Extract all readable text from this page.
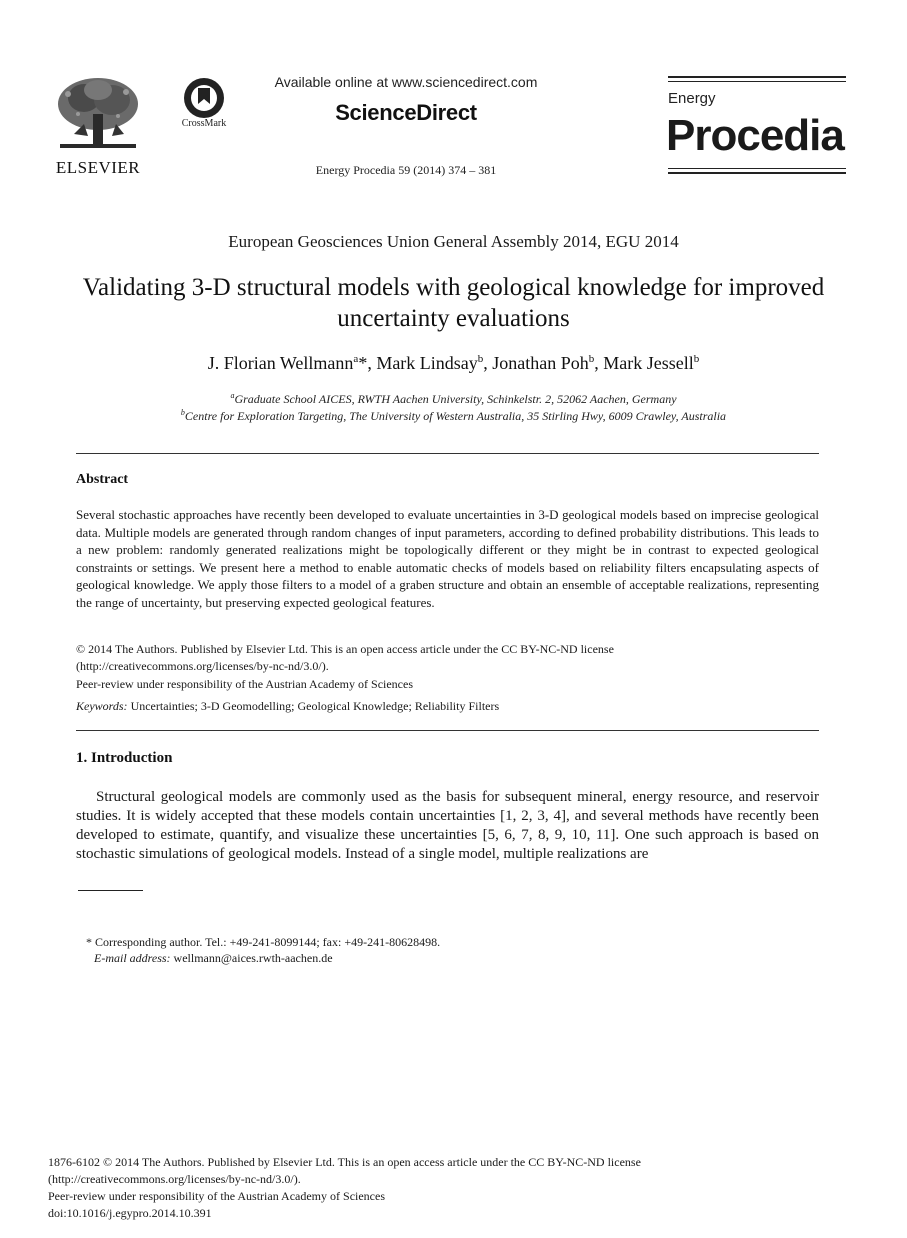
ELSEVIER
CrossMark
Available online at www.sciencedirect.com
ScienceDirect
Energy Procedia 59 (2014) 374 – 381
Energy
Procedia
European Geosciences Union General Assembly 2014, EGU 2014
Validating 3-D structural models with geological knowledge for improved uncertainty evaluations
J. Florian Wellmann$^a$*, Mark Lindsay$^b$, Jonathan Poh$^b$, Mark Jessell$^b$
$^a$Graduate School AICES, RWTH Aachen University, Schinkelstr. 2, 52062 Aachen, Germany
$^b$Centre for Exploration Targeting, The University of Western Australia, 35 Stirling Hwy, 6009 Crawley, Australia
Abstract
Several stochastic approaches have recently been developed to evaluate uncertainties in 3-D geological models based on imprecise geological data. Multiple models are generated through random changes of input parameters, according to defined probability distributions. This leads to a new problem: randomly generated realizations might be topologically different or they might be in contrast to expected geological constraints or settings. We present here a method to enable automatic checks of models based on reliability filters encapsulating aspects of geological knowledge. We apply those filters to a model of a graben structure and obtain an ensemble of acceptable realizations, representing the range of uncertainty, but preserving expected geological features.
© 2014 The Authors. Published by Elsevier Ltd. This is an open access article under the CC BY-NC-ND license
(http://creativecommons.org/licenses/by-nc-nd/3.0/).
Peer-review under responsibility of the Austrian Academy of Sciences
Keywords: Uncertainties; 3-D Geomodelling; Geological Knowledge; Reliability Filters
1. Introduction
Structural geological models are commonly used as the basis for subsequent mineral, energy resource, and reservoir studies. It is widely accepted that these models contain uncertainties [1, 2, 3, 4], and several methods have recently been developed to estimate, quantify, and visualize these uncertainties [5, 6, 7, 8, 9, 10, 11]. One such approach is based on stochastic simulations of geological models. Instead of a single model, multiple realizations are
* Corresponding author. Tel.: +49-241-8099144; fax: +49-241-80628498.
E-mail address: wellmann@aices.rwth-aachen.de
1876-6102 © 2014 The Authors. Published by Elsevier Ltd. This is an open access article under the CC BY-NC-ND license
(http://creativecommons.org/licenses/by-nc-nd/3.0/).
Peer-review under responsibility of the Austrian Academy of Sciences
doi:10.1016/j.egypro.2014.10.391
